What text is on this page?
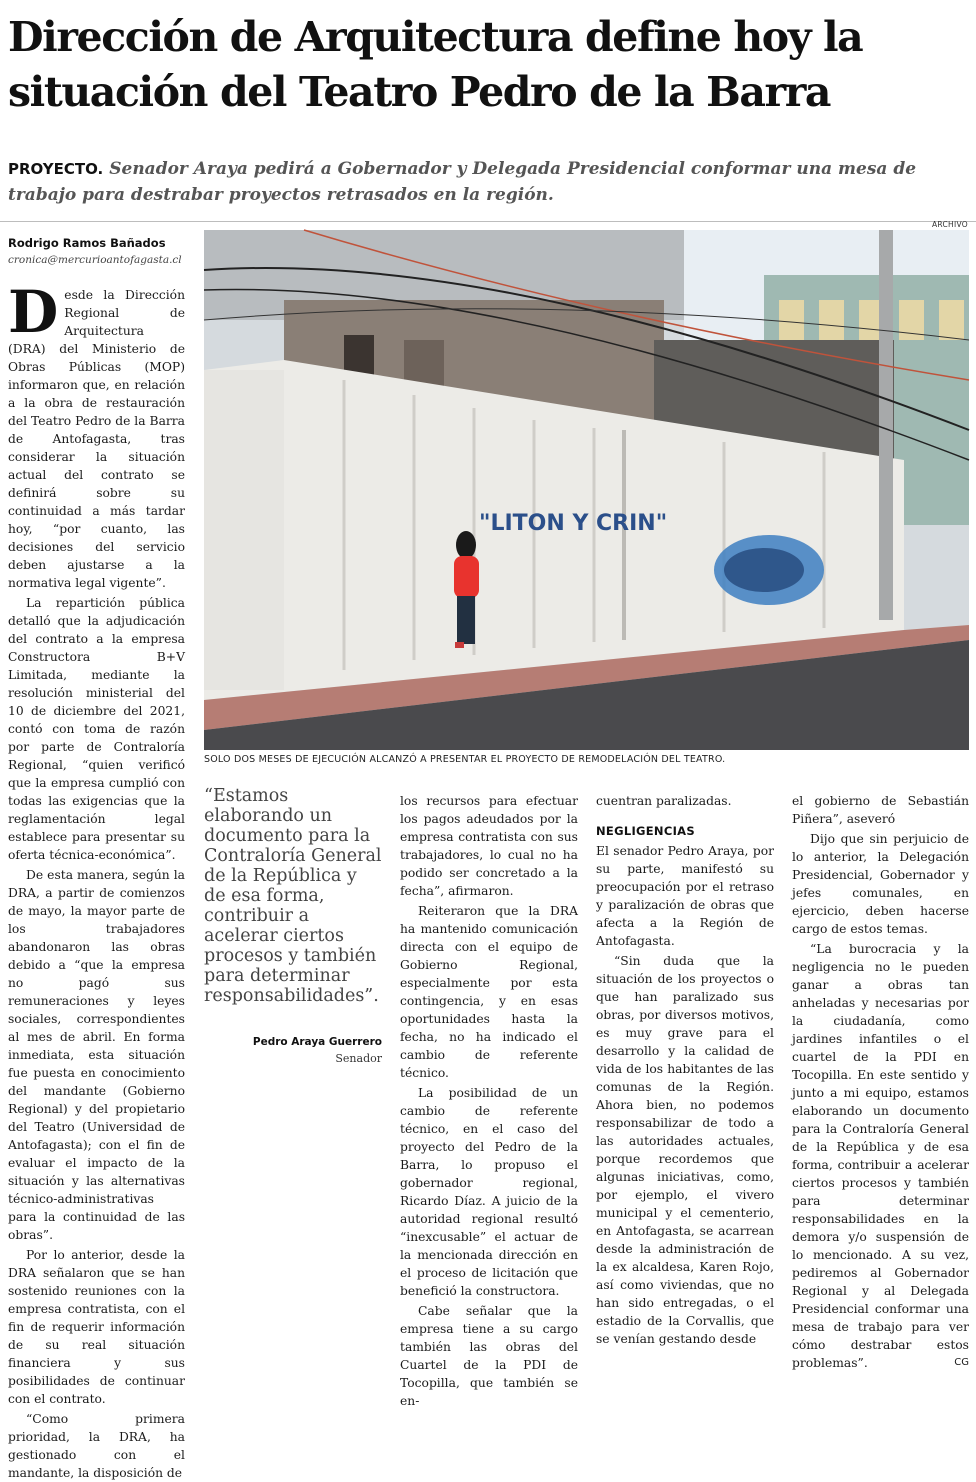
Dirección de Arquitectura define hoy la
situación del Teatro Pedro de la Barra
PROYECTO. Senador Araya pedirá a Gobernador y Delegada Presidencial conformar una mesa de trabajo para destrabar proyectos retrasados en la región.
ARCHIVO
Rodrigo Ramos Bañados
cronica@mercurioantofagasta.cl

Desde la Dirección Regional de Arquitectura (DRA) del Ministerio de Obras Públicas (MOP) informaron que, en relación a la obra de restauración del Teatro Pedro de la Barra de Antofagasta, tras considerar la situación actual del contrato se definirá sobre su continuidad a más tardar hoy, “por cuanto, las decisiones del servicio deben ajustarse a la normativa legal vigente”.

La repartición pública detalló que la adjudicación del contrato a la empresa Constructora B+V Limitada, mediante la resolución ministerial del 10 de diciembre del 2021, contó con toma de razón por parte de Contraloría Regional, “quien verificó que la empresa cumplió con todas las exigencias que la reglamentación legal establece para presentar su oferta técnica-económica”.

De esta manera, según la DRA, a partir de comienzos de mayo, la mayor parte de los trabajadores abandonaron las obras debido a “que la empresa no pagó sus remuneraciones y leyes sociales, correspondientes al mes de abril. En forma inmediata, esta situación fue puesta en conocimiento del mandante (Gobierno Regional) y del propietario del Teatro (Universidad de Antofagasta); con el fin de evaluar el impacto de la situación y las alternativas técnico-administrativas para la continuidad de las obras”.

Por lo anterior, desde la DRA señalaron que se han sostenido reuniones con la empresa contratista, con el fin de requerir información de su real situación financiera y sus posibilidades de continuar con el contrato.

“Como primera prioridad, la DRA, ha gestionado con el mandante, la disposición de

"LITON Y CRIN"
SOLO DOS MESES DE EJECUCIÓN ALCANZÓ A PRESENTAR EL PROYECTO DE REMODELACIÓN DEL TEATRO.
“Estamos elaborando un documento para la Contraloría General de la República y de esa forma, contribuir a acelerar ciertos procesos y también para determinar responsabilidades”.
Pedro Araya Guerrero
Senador

los recursos para efectuar los pagos adeudados por la empresa contratista con sus trabajadores, lo cual no ha podido ser concretado a la fecha”, afirmaron.

Reiteraron que la DRA ha mantenido comunicación directa con el equipo de Gobierno Regional, especialmente por esta contingencia, y en esas oportunidades hasta la fecha, no ha indicado el cambio de referente técnico.

La posibilidad de un cambio de referente técnico, en el caso del proyecto del Pedro de la Barra, lo propuso el gobernador regional, Ricardo Díaz. A juicio de la autoridad regional resultó “inexcusable” el actuar de la mencionada dirección en el proceso de licitación que benefició la constructora.

Cabe señalar que la empresa tiene a su cargo también las obras del Cuartel de la PDI de Tocopilla, que también se en-

cuentran paralizadas.

NEGLIGENCIAS

El senador Pedro Araya, por su parte, manifestó su preocupación por el retraso y paralización de obras que afecta a la Región de Antofagasta.

“Sin duda que la situación de los proyectos o que han paralizado sus obras, por diversos motivos, es muy grave para el desarrollo y la calidad de vida de los habitantes de las comunas de la Región. Ahora bien, no podemos responsabilizar de todo a las autoridades actuales, porque recordemos que algunas iniciativas, como, por ejemplo, el vivero municipal y el cementerio, en Antofagasta, se acarrean desde la administración de la ex alcaldesa, Karen Rojo, así como viviendas, que no han sido entregadas, o el estadio de la Corvallis, que se venían gestando desde

el gobierno de Sebastián Piñera”, aseveró

Dijo que sin perjuicio de lo anterior, la Delegación Presidencial, Gobernador y jefes comunales, en ejercicio, deben hacerse cargo de estos temas.

“La burocracia y la negligencia no le pueden ganar a obras tan anheladas y necesarias por la ciudadanía, como jardines infantiles o el cuartel de la PDI en Tocopilla. En este sentido y junto a mi equipo, estamos elaborando un documento para la Contraloría General de la República y de esa forma, contribuir a acelerar ciertos procesos y también para determinar responsabilidades en la demora y/o suspensión de lo mencionado. A su vez, pediremos al Gobernador Regional y al Delegada Presidencial conformar una mesa de trabajo para ver cómo destrabar estos problemas”.	CG
